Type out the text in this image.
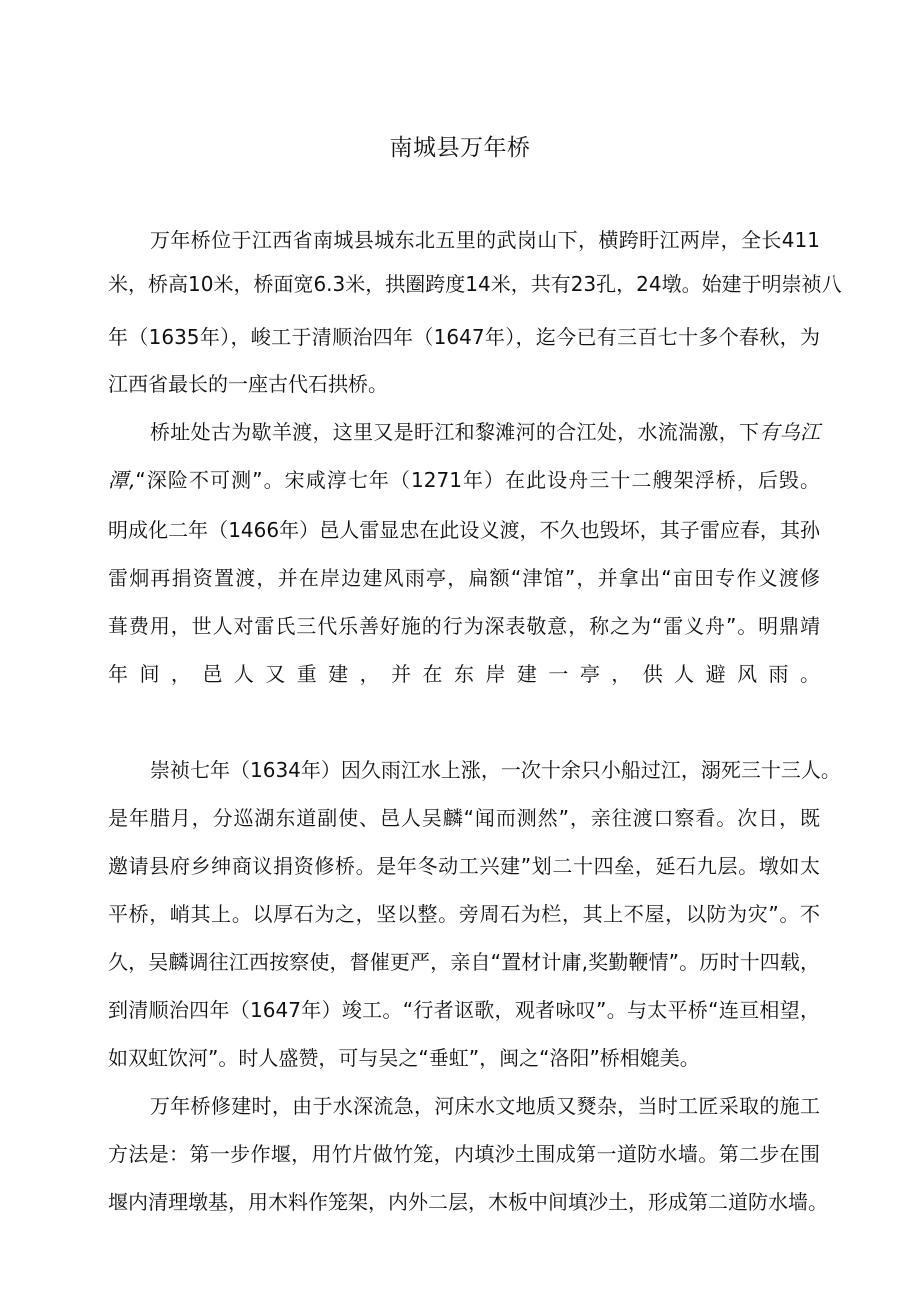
南城县万年桥

万年桥位于江西省南城县城东北五里的武岗山下，横跨盱江两岸，全长411

米，桥高10米，桥面宽6.3米，拱圈跨度14米，共有23孔，24墩。始建于明崇祯八

年（1635年），峻工于清顺治四年（1647年），迄今已有三百七十多个春秋，为

江西省最长的一座古代石拱桥。

桥址处古为歇羊渡，这里又是盱江和黎滩河的合江处，水流湍激，下有乌江

潭,“深险不可测”。宋咸淳七年（1271年）在此设舟三十二艘架浮桥，后毁。

明成化二年（1466年）邑人雷显忠在此设义渡，不久也毁坏，其子雷应春，其孙

雷炯再捐资置渡，并在岸边建风雨亭，扁额“津馆”，并拿出“亩田专作义渡修

葺费用，世人对雷氏三代乐善好施的行为深表敬意，称之为“雷义舟”。明鼎靖

年间，邑人又重建，并在东岸建一亭，供人避风雨。

崇祯七年（1634年）因久雨江水上涨，一次十余只小船过江，溺死三十三人。

是年腊月，分巡湖东道副使、邑人吴麟“闻而测然”，亲往渡口察看。次日，既

邀请县府乡绅商议捐资修桥。是年冬动工兴建”划二十四垒，延石九层。墩如太

平桥，峭其上。以厚石为之，坚以整。旁周石为栏，其上不屋，以防为灾”。不

久，吴麟调往江西按察使，督催更严，亲自“置材计庸,奖勤鞭情”。历时十四载，

到清顺治四年（1647年）竣工。“行者讴歌，观者咏叹”。与太平桥“连亘相望，

如双虹饮河”。时人盛赞，可与吴之“垂虹”，闽之“洛阳”桥相媲美。

万年桥修建时，由于水深流急，河床水文地质又燹杂，当时工匠采取的施工

方法是：第一步作堰，用竹片做竹笼，内填沙土围成第一道防水墙。第二步在围

堰内清理墩基，用木料作笼架，内外二层，木板中间填沙土，形成第二道防水墙。
